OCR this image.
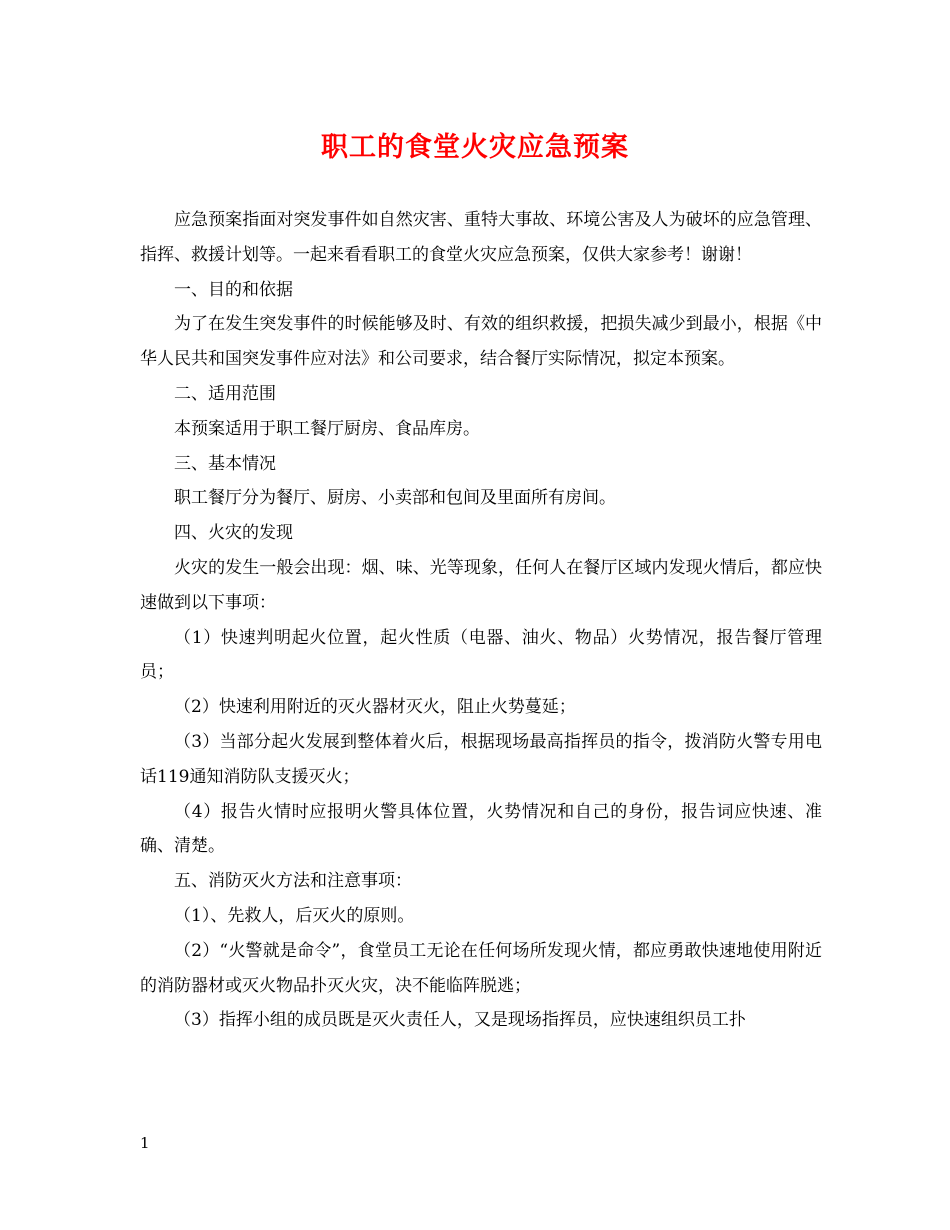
职工的食堂火灾应急预案

应急预案指面对突发事件如自然灾害、重特大事故、环境公害及人为破坏的应急管理、指挥、救援计划等。一起来看看职工的食堂火灾应急预案，仅供大家参考！谢谢！

一、目的和依据

为了在发生突发事件的时候能够及时、有效的组织救援，把损失减少到最小，根据《中华人民共和国突发事件应对法》和公司要求，结合餐厅实际情况，拟定本预案。

二、适用范围

本预案适用于职工餐厅厨房、食品库房。

三、基本情况

职工餐厅分为餐厅、厨房、小卖部和包间及里面所有房间。

四、火灾的发现

火灾的发生一般会出现：烟、味、光等现象，任何人在餐厅区域内发现火情后，都应快速做到以下事项：

（1）快速判明起火位置，起火性质（电器、油火、物品）火势情况，报告餐厅管理员；

（2）快速利用附近的灭火器材灭火，阻止火势蔓延；

（3）当部分起火发展到整体着火后，根据现场最高指挥员的指令，拨消防火警专用电话119通知消防队支援灭火；

（4）报告火情时应报明火警具体位置，火势情况和自己的身份，报告词应快速、准确、清楚。

五、消防灭火方法和注意事项：

（1）、先救人，后灭火的原则。

（2）“火警就是命令”，食堂员工无论在任何场所发现火情，都应勇敢快速地使用附近的消防器材或灭火物品扑灭火灾，决不能临阵脱逃；

（3）指挥小组的成员既是灭火责任人，又是现场指挥员，应快速组织员工扑

1
